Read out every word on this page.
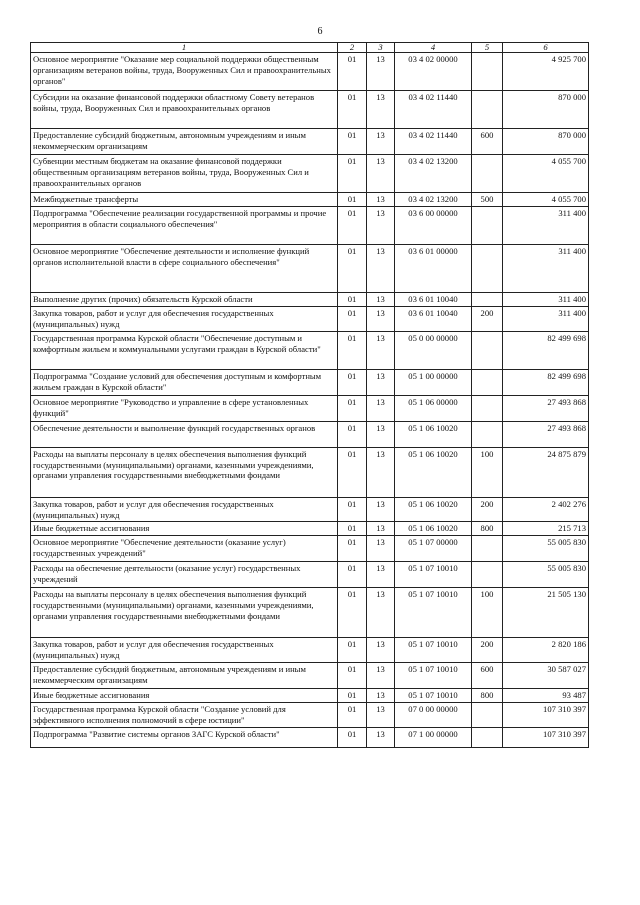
6
1	2	3	4	5	6
Основное мероприятие "Оказание мер социальной поддержки общественным организациям ветеранов войны, труда, Вооруженных Сил и правоохранительных органов"	01	13	03 4 02 00000		4 925 700
Субсидии на оказание финансовой поддержки областному Совету ветеранов войны, труда, Вооруженных Сил и правоохранительных органов	01	13	03 4 02 11440		870 000
Предоставление субсидий бюджетным, автономным учреждениям и иным некоммерческим организациям	01	13	03 4 02 11440	600	870 000
Субвенции местным бюджетам на оказание финансовой поддержки общественным организациям ветеранов войны, труда, Вооруженных Сил и правоохранительных органов	01	13	03 4 02 13200		4 055 700
Межбюджетные трансферты	01	13	03 4 02 13200	500	4 055 700
Подпрограмма "Обеспечение реализации государственной программы и прочие мероприятия в области социального обеспечения"	01	13	03 6 00 00000		311 400
Основное мероприятие "Обеспечение деятельности и исполнение функций органов исполнительной власти в сфере социального обеспечения"	01	13	03 6 01 00000		311 400
Выполнение других (прочих) обязательств Курской области	01	13	03 6 01 10040		311 400
Закупка товаров, работ и услуг для обеспечения государственных (муниципальных) нужд	01	13	03 6 01 10040	200	311 400
Государственная программа Курской области "Обеспечение доступным и комфортным жильем и коммунальными услугами граждан в Курской области"	01	13	05 0 00 00000		82 499 698
Подпрограмма "Создание условий для обеспечения доступным и комфортным жильем граждан в Курской области"	01	13	05 1 00 00000		82 499 698
Основное мероприятие "Руководство и управление в сфере установленных функций"	01	13	05 1 06 00000		27 493 868
Обеспечение деятельности и выполнение функций государственных органов	01	13	05 1 06 10020		27 493 868
Расходы на выплаты персоналу в целях обеспечения выполнения функций государственными (муниципальными) органами, казенными учреждениями, органами управления государственными внебюджетными фондами	01	13	05 1 06 10020	100	24 875 879
Закупка товаров, работ и услуг для обеспечения государственных (муниципальных) нужд	01	13	05 1 06 10020	200	2 402 276
Иные бюджетные ассигнования	01	13	05 1 06 10020	800	215 713
Основное мероприятие "Обеспечение деятельности (оказание услуг) государственных учреждений"	01	13	05 1 07 00000		55 005 830
Расходы на обеспечение деятельности (оказание услуг) государственных учреждений	01	13	05 1 07 10010		55 005 830
Расходы на выплаты персоналу в целях обеспечения выполнения функций государственными (муниципальными) органами, казенными учреждениями, органами управления государственными внебюджетными фондами	01	13	05 1 07 10010	100	21 505 130
Закупка товаров, работ и услуг для обеспечения государственных (муниципальных) нужд	01	13	05 1 07 10010	200	2 820 186
Предоставление субсидий бюджетным, автономным учреждениям и иным некоммерческим организациям	01	13	05 1 07 10010	600	30 587 027
Иные бюджетные ассигнования	01	13	05 1 07 10010	800	93 487
Государственная программа Курской области "Создание условий для эффективного исполнения полномочий в сфере юстиции"	01	13	07 0 00 00000		107 310 397
Подпрограмма "Развитие системы органов ЗАГС Курской области"	01	13	07 1 00 00000		107 310 397
